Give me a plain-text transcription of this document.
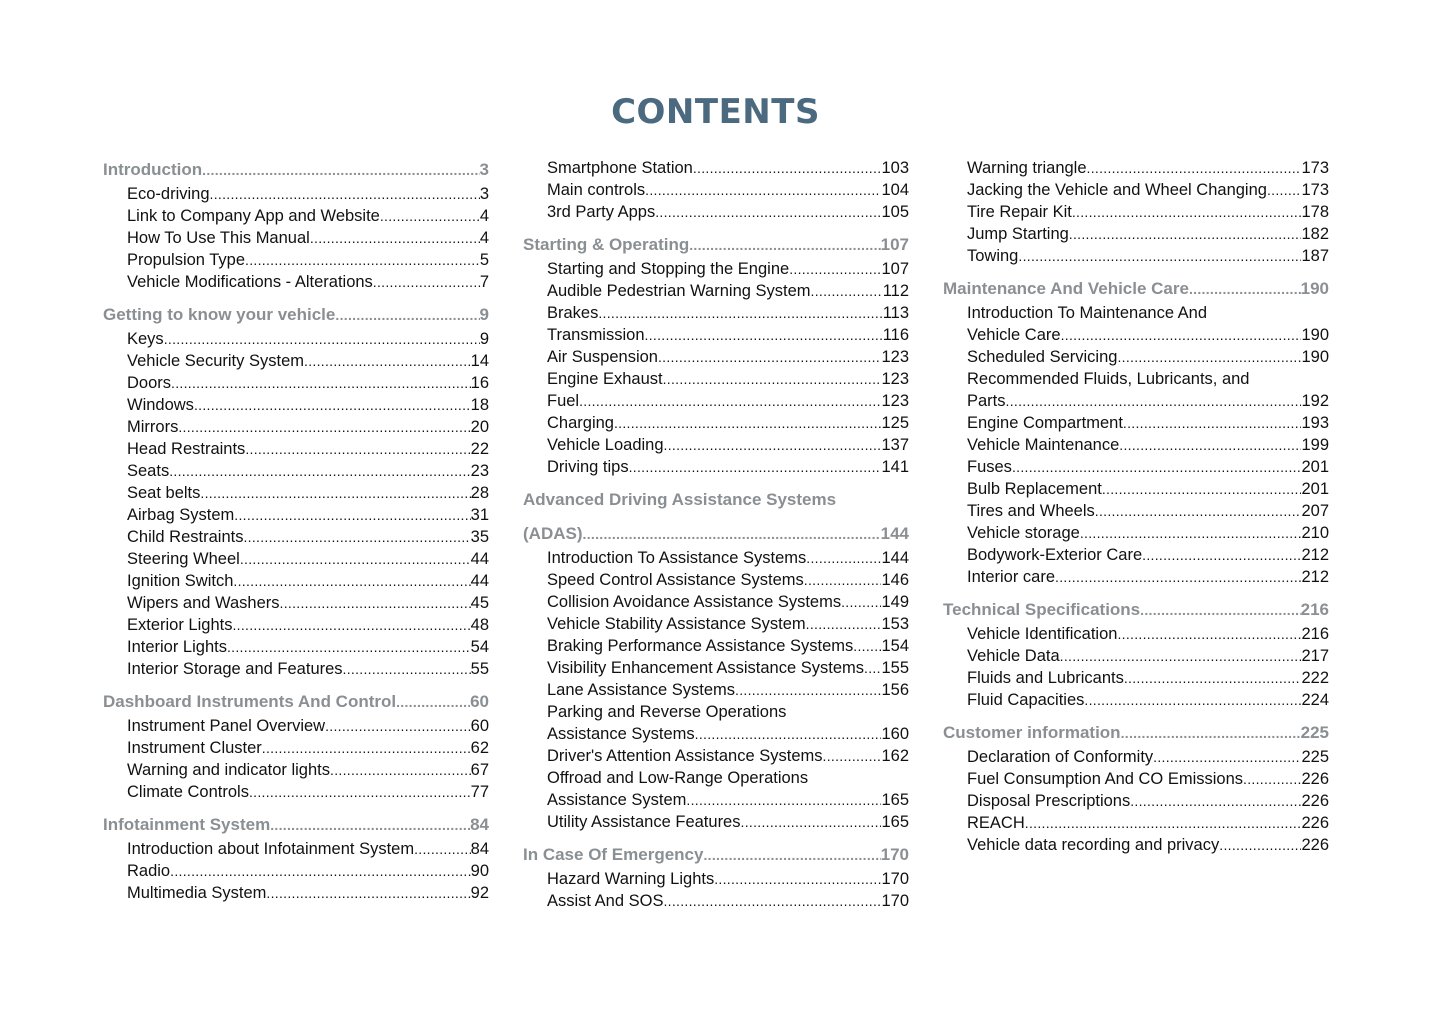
CONTENTS
Introduction .....	3
Eco-driving .....	3
Link to Company App and Website .....	4
How To Use This Manual .....	4
Propulsion Type .....	5
Vehicle Modifications - Alterations .....	7
Getting to know your vehicle .....	9
Keys .....	9
Vehicle Security System .....	14
Doors .....	16
Windows .....	18
Mirrors .....	20
Head Restraints .....	22
Seats .....	23
Seat belts .....	28
Airbag System .....	31
Child Restraints .....	35
Steering Wheel .....	44
Ignition Switch .....	44
Wipers and Washers .....	45
Exterior Lights .....	48
Interior Lights .....	54
Interior Storage and Features .....	55
Dashboard Instruments And Control .....	60
Instrument Panel Overview .....	60
Instrument Cluster .....	62
Warning and indicator lights .....	67
Climate Controls .....	77
Infotainment System .....	84
Introduction about Infotainment System .....	84
Radio .....	90
Multimedia System .....	92
Smartphone Station .....	103
Main controls .....	104
3rd Party Apps .....	105
Starting & Operating .....	107
Starting and Stopping the Engine .....	107
Audible Pedestrian Warning System .....	112
Brakes .....	113
Transmission .....	116
Air Suspension .....	123
Engine Exhaust .....	123
Fuel .....	123
Charging .....	125
Vehicle Loading .....	137
Driving tips .....	141
Advanced Driving Assistance Systems
(ADAS) .....	144
Introduction To Assistance Systems .....	144
Speed Control Assistance Systems .....	146
Collision Avoidance Assistance Systems ..... 149
Vehicle Stability Assistance System .....	153
Braking Performance Assistance Systems ..... 154
Visibility Enhancement Assistance Systems ..... 155
Lane Assistance Systems .....	156
Parking and Reverse Operations
Assistance Systems .....	160
Driver's Attention Assistance Systems .....	162
Offroad and Low-Range Operations
Assistance System .....	165
Utility Assistance Features .....	165
In Case Of Emergency .....	170
Hazard Warning Lights .....	170
Assist And SOS .....	170
Warning triangle .....	173
Jacking the Vehicle and Wheel Changing ..... 173
Tire Repair Kit .....	178
Jump Starting .....	182
Towing .....	187
Maintenance And Vehicle Care .....	190
Introduction To Maintenance And
Vehicle Care .....	190
Scheduled Servicing .....	190
Recommended Fluids, Lubricants, and
Parts .....	192
Engine Compartment .....	193
Vehicle Maintenance .....	199
Fuses .....	201
Bulb Replacement .....	201
Tires and Wheels .....	207
Vehicle storage .....	210
Bodywork-Exterior Care .....	212
Interior care .....	212
Technical Specifications .....	216
Vehicle Identification .....	216
Vehicle Data .....	217
Fluids and Lubricants .....	222
Fluid Capacities .....	224
Customer information .....	225
Declaration of Conformity .....	225
Fuel Consumption And CO Emissions .....	226
Disposal Prescriptions .....	226
REACH .....	226
Vehicle data recording and privacy .....	226
